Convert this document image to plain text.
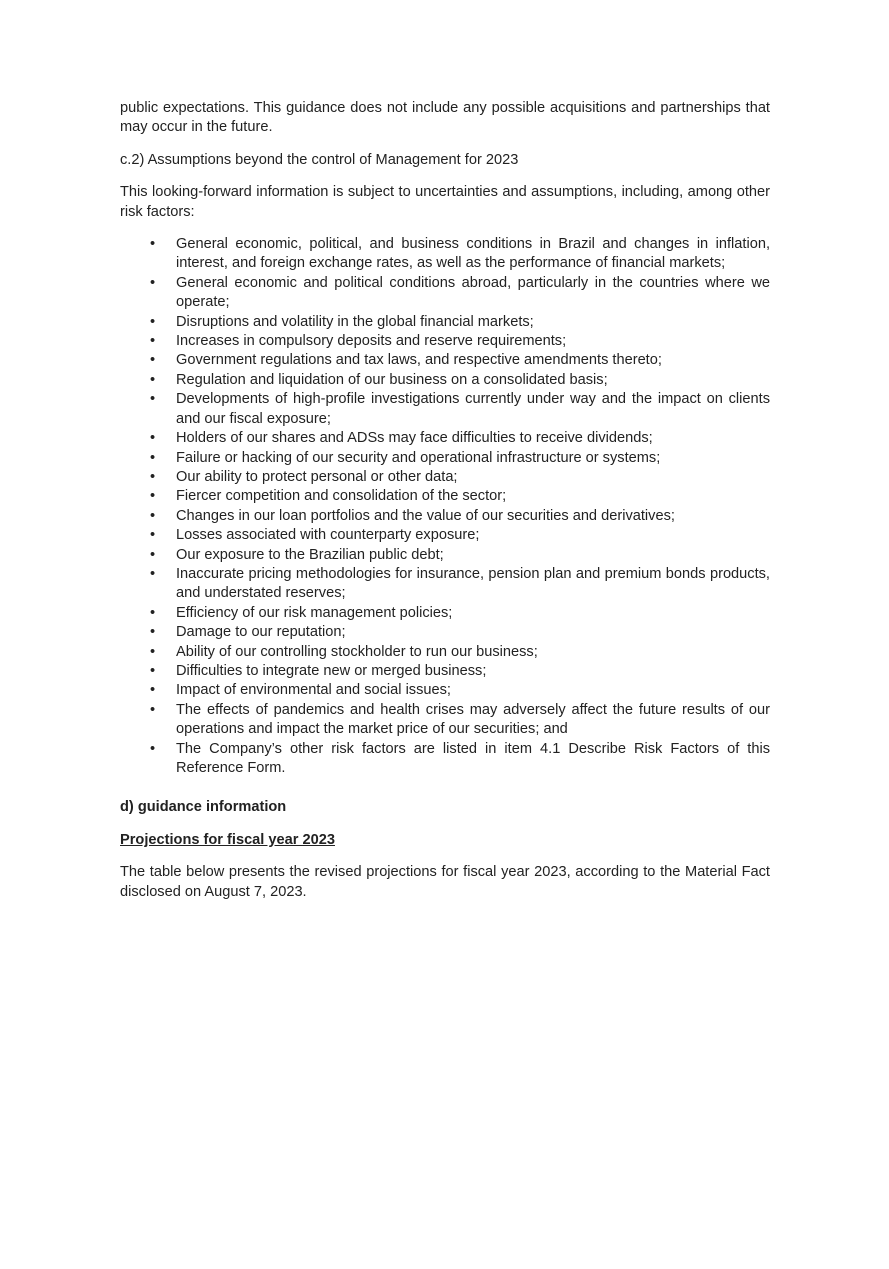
public expectations. This guidance does not include any possible acquisitions and partnerships that may occur in the future.

c.2) Assumptions beyond the control of Management for 2023

This looking-forward information is subject to uncertainties and assumptions, including, among other risk factors:

• General economic, political, and business conditions in Brazil and changes in inflation, interest, and foreign exchange rates, as well as the performance of financial markets;
• General economic and political conditions abroad, particularly in the countries where we operate;
• Disruptions and volatility in the global financial markets;
• Increases in compulsory deposits and reserve requirements;
• Government regulations and tax laws, and respective amendments thereto;
• Regulation and liquidation of our business on a consolidated basis;
• Developments of high-profile investigations currently under way and the impact on clients and our fiscal exposure;
• Holders of our shares and ADSs may face difficulties to receive dividends;
• Failure or hacking of our security and operational infrastructure or systems;
• Our ability to protect personal or other data;
• Fiercer competition and consolidation of the sector;
• Changes in our loan portfolios and the value of our securities and derivatives;
• Losses associated with counterparty exposure;
• Our exposure to the Brazilian public debt;
• Inaccurate pricing methodologies for insurance, pension plan and premium bonds products, and understated reserves;
• Efficiency of our risk management policies;
• Damage to our reputation;
• Ability of our controlling stockholder to run our business;
• Difficulties to integrate new or merged business;
• Impact of environmental and social issues;
• The effects of pandemics and health crises may adversely affect the future results of our operations and impact the market price of our securities; and
• The Company’s other risk factors are listed in item 4.1 Describe Risk Factors of this Reference Form.

d) guidance information

Projections for fiscal year 2023

The table below presents the revised projections for fiscal year 2023, according to the Material Fact disclosed on August 7, 2023.
